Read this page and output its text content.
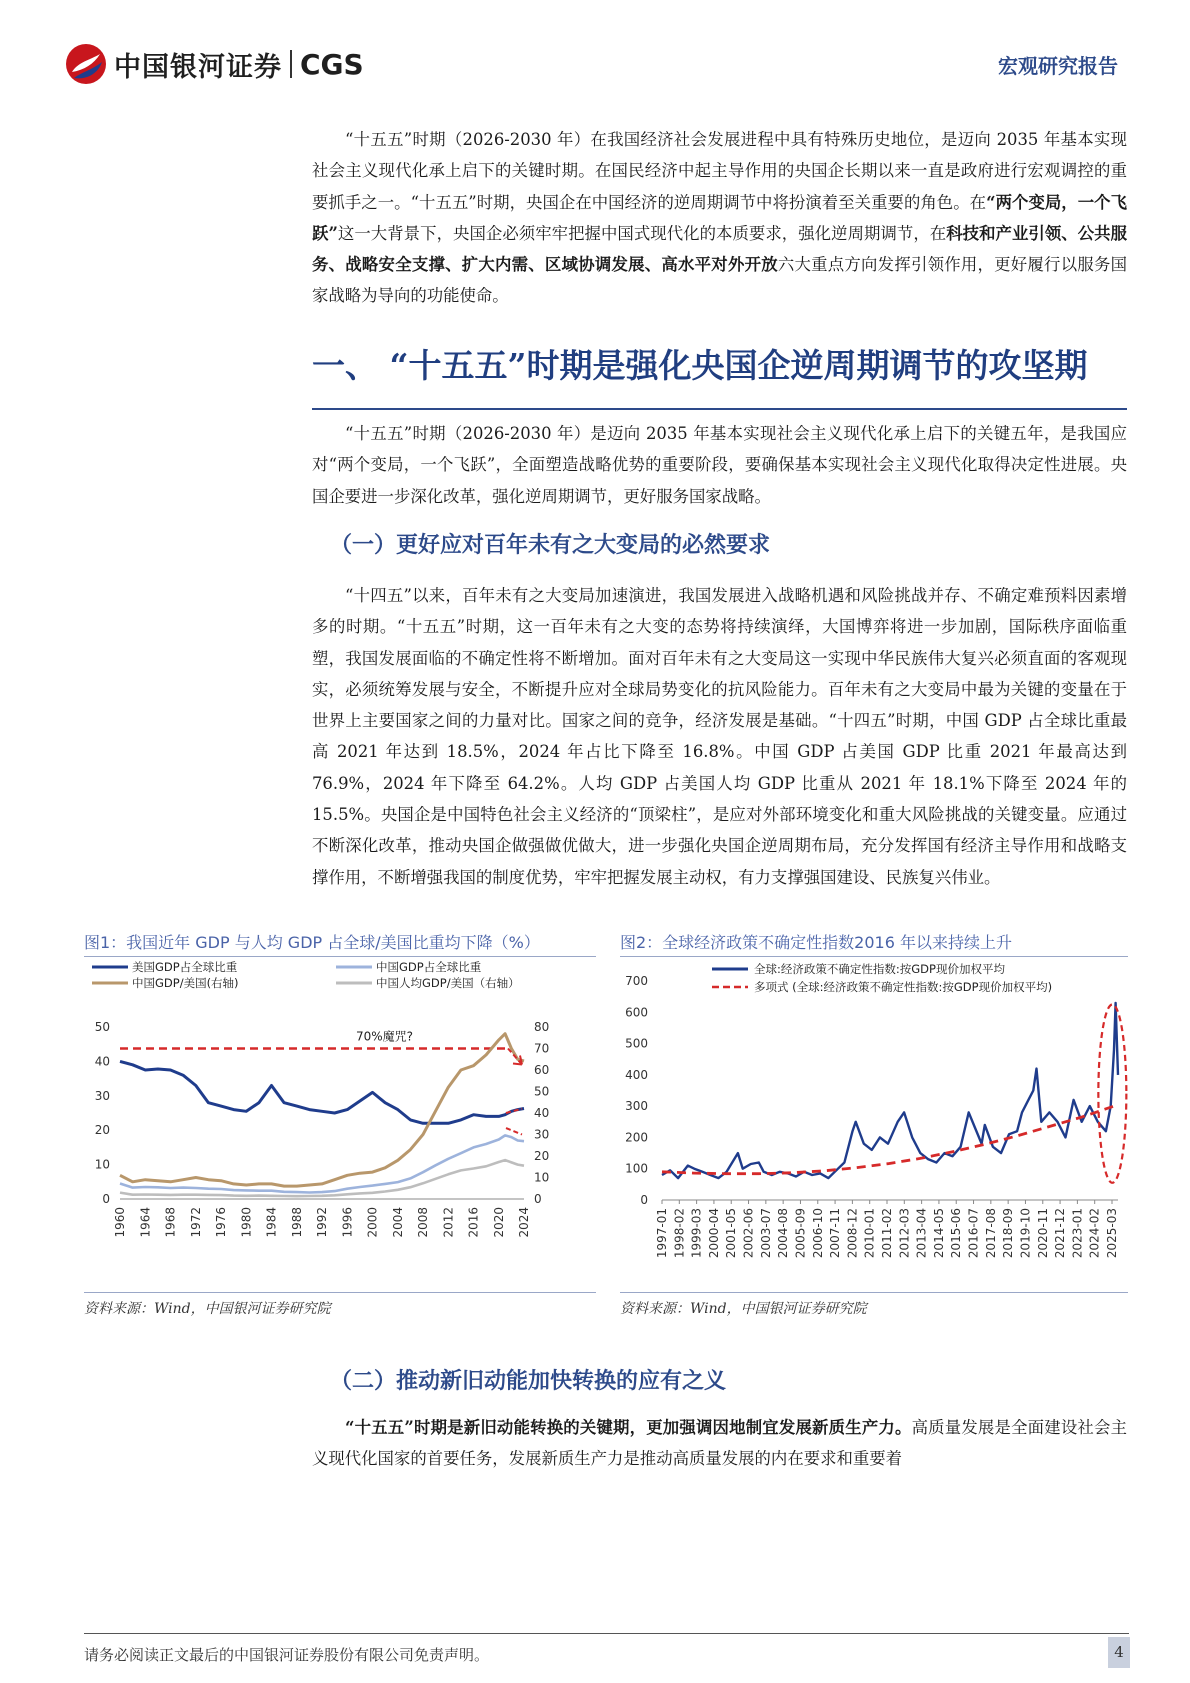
中国银河证券 CGS	宏观研究报告
“十五五”时期（2026-2030 年）在我国经济社会发展进程中具有特殊历史地位，是迈向 2035 年基本实现社会主义现代化承上启下的关键时期。在国民经济中起主导作用的央国企长期以来一直是政府进行宏观调控的重要抓手之一。“十五五”时期，央国企在中国经济的逆周期调节中将扮演着至关重要的角色。在“两个变局，一个飞跃”这一大背景下，央国企必须牢牢把握中国式现代化的本质要求，强化逆周期调节，在科技和产业引领、公共服务、战略安全支撑、扩大内需、区域协调发展、高水平对外开放六大重点方向发挥引领作用，更好履行以服务国家战略为导向的功能使命。
一、 “十五五”时期是强化央国企逆周期调节的攻坚期
“十五五”时期（2026-2030 年）是迈向 2035 年基本实现社会主义现代化承上启下的关键五年，是我国应对“两个变局，一个飞跃”，全面塑造战略优势的重要阶段，要确保基本实现社会主义现代化取得决定性进展。央国企要进一步深化改革，强化逆周期调节，更好服务国家战略。
（一）更好应对百年未有之大变局的必然要求
“十四五”以来，百年未有之大变局加速演进，我国发展进入战略机遇和风险挑战并存、不确定难预料因素增多的时期。“十五五”时期，这一百年未有之大变的态势将持续演绎，大国博弈将进一步加剧，国际秩序面临重塑，我国发展面临的不确定性将不断增加。面对百年未有之大变局这一实现中华民族伟大复兴必须直面的客观现实，必须统筹发展与安全，不断提升应对全球局势变化的抗风险能力。百年未有之大变局中最为关键的变量在于世界上主要国家之间的力量对比。国家之间的竞争，经济发展是基础。“十四五”时期，中国 GDP 占全球比重最高 2021 年达到 18.5%，2024 年占比下降至 16.8%。中国 GDP 占美国 GDP 比重 2021 年最高达到 76.9%，2024 年下降至 64.2%。人均 GDP 占美国人均 GDP 比重从 2021 年 18.1%下降至 2024 年的 15.5%。央国企是中国特色社会主义经济的“顶梁柱”，是应对外部环境变化和重大风险挑战的关键变量。应通过不断深化改革，推动央国企做强做优做大，进一步强化央国企逆周期布局，充分发挥国有经济主导作用和战略支撑作用，不断增强我国的制度优势，牢牢把握发展主动权，有力支撑强国建设、民族复兴伟业。
图1：我国近年 GDP 与人均 GDP 占全球/美国比重均下降（%）	图2：全球经济政策不确定性指数2016 年以来持续上升
美国GDP占全球比重	中国GDP占全球比重
中国GDP/美国(右轴)	中国人均GDP/美国（右轴）
0
10
20
30
40
50
0
10
20
30
40
50
60
70
80
1960 1964 1968 1972 1976 1980 1984 1988 1992 1996 2000 2004 2008 2012 2016 2020 2024
70%魔咒?
全球:经济政策不确定性指数:按GDP现价加权平均
多项式 (全球:经济政策不确定性指数:按GDP现价加权平均)
0
100
200
300
400
500
600
700
1997-01 1998-02 1999-03 2000-04 2001-05 2002-06 2003-07 2004-08 2005-09 2006-10 2007-11 2008-12 2010-01 2011-02 2012-03 2013-04 2014-05 2015-06 2016-07 2017-08 2018-09 2019-10 2020-11 2021-12 2023-01 2024-02 2025-03
资料来源：Wind，中国银河证券研究院	资料来源：Wind，中国银河证券研究院
（二）推动新旧动能加快转换的应有之义
“十五五”时期是新旧动能转换的关键期，更加强调因地制宜发展新质生产力。高质量发展是全面建设社会主义现代化国家的首要任务，发展新质生产力是推动高质量发展的内在要求和重要着
请务必阅读正文最后的中国银河证券股份有限公司免责声明。	4
